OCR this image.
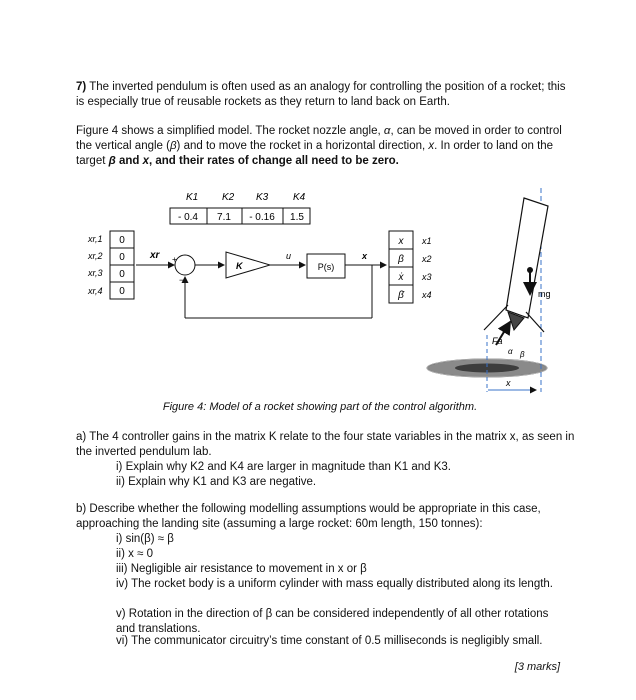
7) The inverted pendulum is often used as an analogy for controlling the position of a rocket; this is especially true of reusable rockets as they return to land back on Earth.
Figure 4 shows a simplified model. The rocket nozzle angle, α, can be moved in order to control the vertical angle (β) and to move the rocket in a horizontal direction, x. In order to land on the target β and x, and their rates of change all need to be zero.
K1 K2 K3 K4
- 0.4 7.1 - 0.16 1.5
xr,1
xr,2
xr,3
xr,4
0
0
0
0
xr +
−
K
u
P(s)
x
x
β
ẋ
β̇
x1
x2
x3
x4
Fa
α β
mg
x
Figure 4: Model of a rocket showing part of the control algorithm.
a) The 4 controller gains in the matrix K relate to the four state variables in the matrix x, as seen in the inverted pendulum lab.
i) Explain why K2 and K4 are larger in magnitude than K1 and K3.
ii) Explain why K1 and K3 are negative.
b) Describe whether the following modelling assumptions would be appropriate in this case, approaching the landing site (assuming a large rocket: 60m length, 150 tonnes):
i) sin(β) ≈ β
ii) x ≈ 0
iii) Negligible air resistance to movement in x or β
iv) The rocket body is a uniform cylinder with mass equally distributed along its length.
v) Rotation in the direction of β can be considered independently of all other rotations and translations.
vi) The communicator circuitry’s time constant of 0.5 milliseconds is negligibly small.
[3 marks]
